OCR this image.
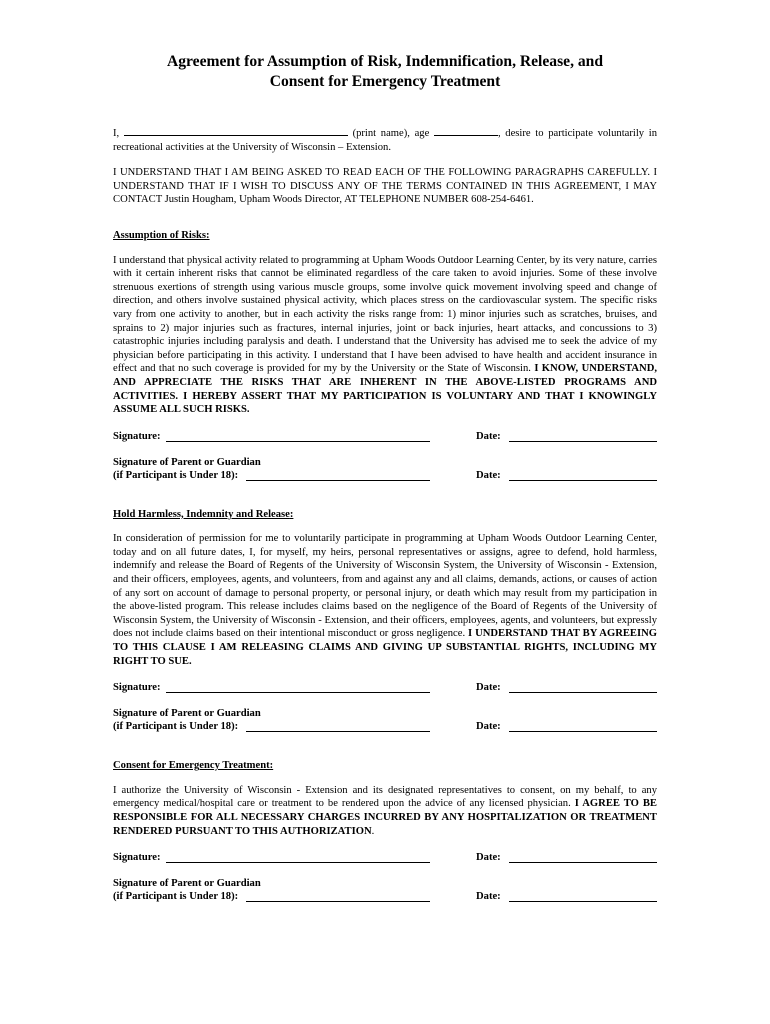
Agreement for Assumption of Risk, Indemnification, Release, and
Consent for Emergency Treatment

I,	(print name), age	, desire to participate voluntarily in recreational activities at the University of Wisconsin – Extension.

I UNDERSTAND THAT I AM BEING ASKED TO READ EACH OF THE FOLLOWING PARAGRAPHS CAREFULLY. I UNDERSTAND THAT IF I WISH TO DISCUSS ANY OF THE TERMS CONTAINED IN THIS AGREEMENT, I MAY CONTACT Justin Hougham, Upham Woods Director, AT TELEPHONE NUMBER 608-254-6461.

Assumption of Risks:

I understand that physical activity related to programming at Upham Woods Outdoor Learning Center, by its very nature, carries with it certain inherent risks that cannot be eliminated regardless of the care taken to avoid injuries. Some of these involve strenuous exertions of strength using various muscle groups, some involve quick movement involving speed and change of direction, and others involve sustained physical activity, which places stress on the cardiovascular system. The specific risks vary from one activity to another, but in each activity the risks range from: 1) minor injuries such as scratches, bruises, and sprains to 2) major injuries such as fractures, internal injuries, joint or back injuries, heart attacks, and concussions to 3) catastrophic injuries including paralysis and death. I understand that the University has advised me to seek the advice of my physician before participating in this activity. I understand that I have been advised to have health and accident insurance in effect and that no such coverage is provided for my by the University or the State of Wisconsin. I KNOW, UNDERSTAND, AND APPRECIATE THE RISKS THAT ARE INHERENT IN THE ABOVE-LISTED PROGRAMS AND ACTIVITIES. I HEREBY ASSERT THAT MY PARTICIPATION IS VOLUNTARY AND THAT I KNOWINGLY ASSUME ALL SUCH RISKS.

Signature:	Date:
Signature of Parent or Guardian
(if Participant is Under 18):	Date:
Hold Harmless, Indemnity and Release:

In consideration of permission for me to voluntarily participate in programming at Upham Woods Outdoor Learning Center, today and on all future dates, I, for myself, my heirs, personal representatives or assigns, agree to defend, hold harmless, indemnify and release the Board of Regents of the University of Wisconsin System, the University of Wisconsin - Extension, and their officers, employees, agents, and volunteers, from and against any and all claims, demands, actions, or causes of action of any sort on account of damage to personal property, or personal injury, or death which may result from my participation in the above-listed program. This release includes claims based on the negligence of the Board of Regents of the University of Wisconsin System, the University of Wisconsin - Extension, and their officers, employees, agents, and volunteers, but expressly does not include claims based on their intentional misconduct or gross negligence. I UNDERSTAND THAT BY AGREEING TO THIS CLAUSE I AM RELEASING CLAIMS AND GIVING UP SUBSTANTIAL RIGHTS, INCLUDING MY RIGHT TO SUE.

Signature:	Date:
Signature of Parent or Guardian
(if Participant is Under 18):	Date:
Consent for Emergency Treatment:

I authorize the University of Wisconsin - Extension and its designated representatives to consent, on my behalf, to any emergency medical/hospital care or treatment to be rendered upon the advice of any licensed physician. I AGREE TO BE RESPONSIBLE FOR ALL NECESSARY CHARGES INCURRED BY ANY HOSPITALIZATION OR TREATMENT RENDERED PURSUANT TO THIS AUTHORIZATION.

Signature:	Date:
Signature of Parent or Guardian
(if Participant is Under 18):	Date:
